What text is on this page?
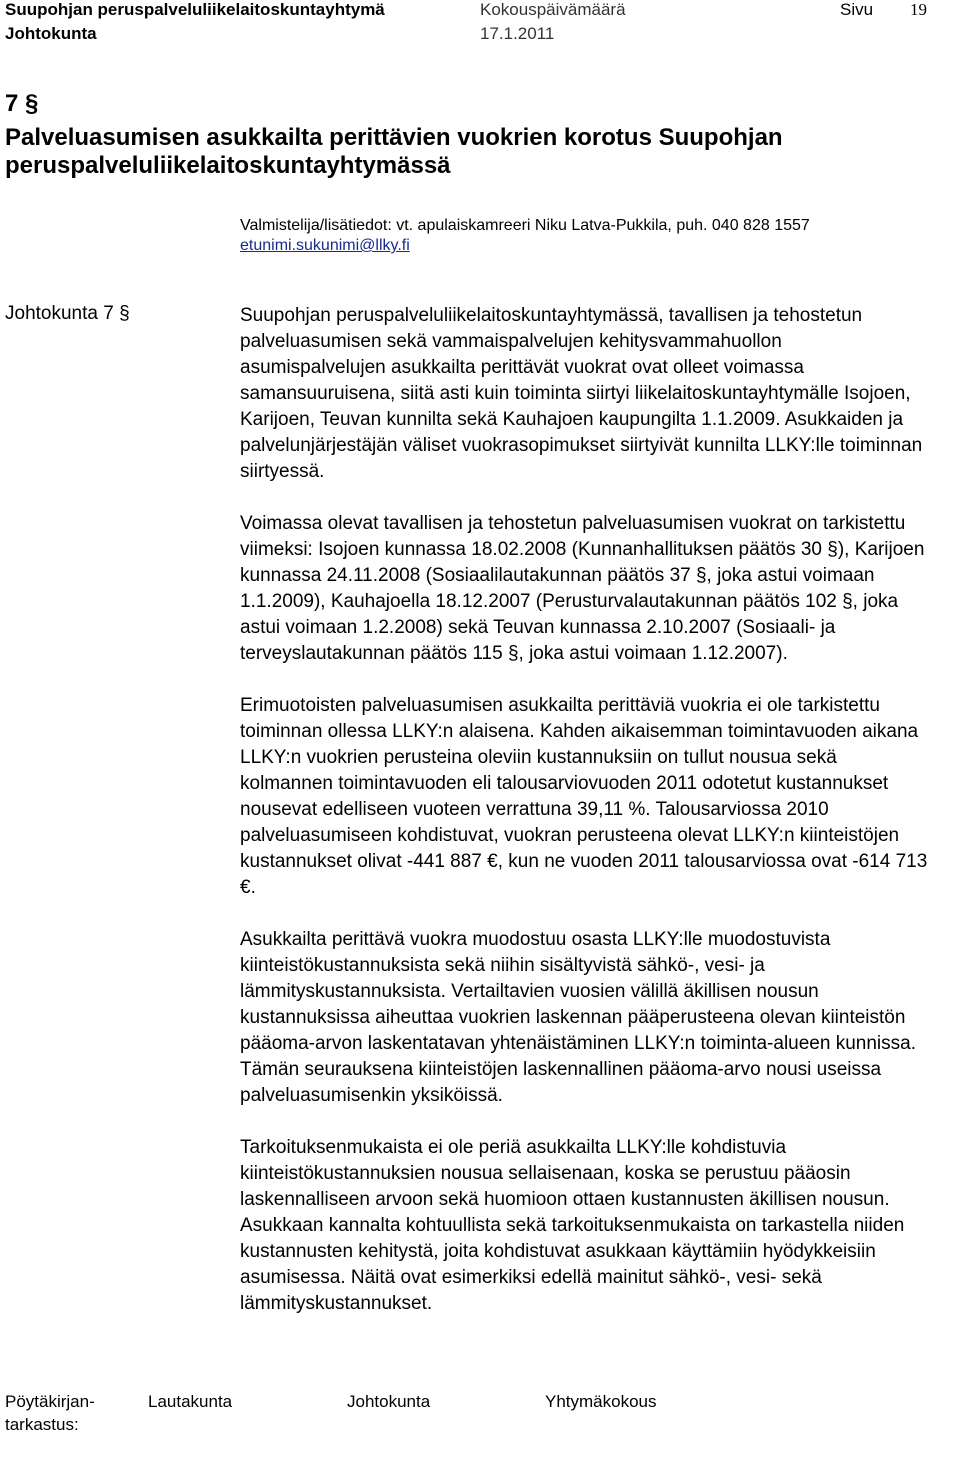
Suupohjan peruspalveluliikelaitoskuntayhtymä	Kokouspäivämäärä	Sivu 19
Johtokunta	17.1.2011
7 §
Palveluasumisen asukkailta perittävien vuokrien korotus Suupohjan peruspalveluliikelaitoskuntayhtymässä
Valmistelija/lisätiedot: vt. apulaiskamreeri Niku Latva-Pukkila, puh. 040 828 1557
etunimi.sukunimi@llky.fi
Johtokunta 7 §	Suupohjan peruspalveluliikelaitoskuntayhtymässä, tavallisen ja tehostetun palveluasumisen sekä vammaispalvelujen kehitysvammahuollon asumispalvelujen asukkailta perittävät vuokrat ovat olleet voimassa samansuuruisena, siitä asti kuin toiminta siirtyi liikelaitoskuntayhtymälle Isojoen, Karijoen, Teuvan kunnilta sekä Kauhajoen kaupungilta 1.1.2009. Asukkaiden ja palvelunjärjestäjän väliset vuokrasopimukset siirtyivät kunnilta LLKY:lle toiminnan siirtyessä.

Voimassa olevat tavallisen ja tehostetun palveluasumisen vuokrat on tarkistettu viimeksi: Isojoen kunnassa 18.02.2008 (Kunnanhallituksen päätös 30 §), Karijoen kunnassa 24.11.2008 (Sosiaalilautakunnan päätös 37 §, joka astui voimaan 1.1.2009), Kauhajoella 18.12.2007 (Perusturvalautakunnan päätös 102 §, joka astui voimaan 1.2.2008) sekä Teuvan kunnassa 2.10.2007 (Sosiaali- ja terveyslautakunnan päätös 115 §, joka astui voimaan 1.12.2007).

Erimuotoisten palveluasumisen asukkailta perittäviä vuokria ei ole tarkistettu toiminnan ollessa LLKY:n alaisena. Kahden aikaisemman toimintavuoden aikana LLKY:n vuokrien perusteina oleviin kustannuksiin on tullut nousua sekä kolmannen toimintavuoden eli talousarviovuoden 2011 odotetut kustannukset nousevat edelliseen vuoteen verrattuna 39,11 %. Talousarviossa 2010 palveluasumiseen kohdistuvat, vuokran perusteena olevat LLKY:n kiinteistöjen kustannukset olivat -441 887 €, kun ne vuoden 2011 talousarviossa ovat -614 713 €.

Asukkailta perittävä vuokra muodostuu osasta LLKY:lle muodostuvista kiinteistökustannuksista sekä niihin sisältyvistä sähkö-, vesi- ja lämmityskustannuksista. Vertailtavien vuosien välillä äkillisen nousun kustannuksissa aiheuttaa vuokrien laskennan pääperusteena olevan kiinteistön pääoma-arvon laskentatavan yhtenäistäminen LLKY:n toiminta-alueen kunnissa. Tämän seurauksena kiinteistöjen laskennallinen pääoma-arvo nousi useissa palveluasumisenkin yksiköissä.

Tarkoituksenmukaista ei ole periä asukkailta LLKY:lle kohdistuvia kiinteistökustannuksien nousua sellaisenaan, koska se perustuu pääosin laskennalliseen arvoon sekä huomioon ottaen kustannusten äkillisen nousun. Asukkaan kannalta kohtuullista sekä tarkoituksenmukaista on tarkastella niiden kustannusten kehitystä, joita kohdistuvat asukkaan käyttämiin hyödykkeisiin asumisessa. Näitä ovat esimerkiksi edellä mainitut sähkö-, vesi- sekä lämmityskustannukset.

Pöytäkirjan-
tarkastus:
Lautakunta	Johtokunta	Yhtymäkokous
